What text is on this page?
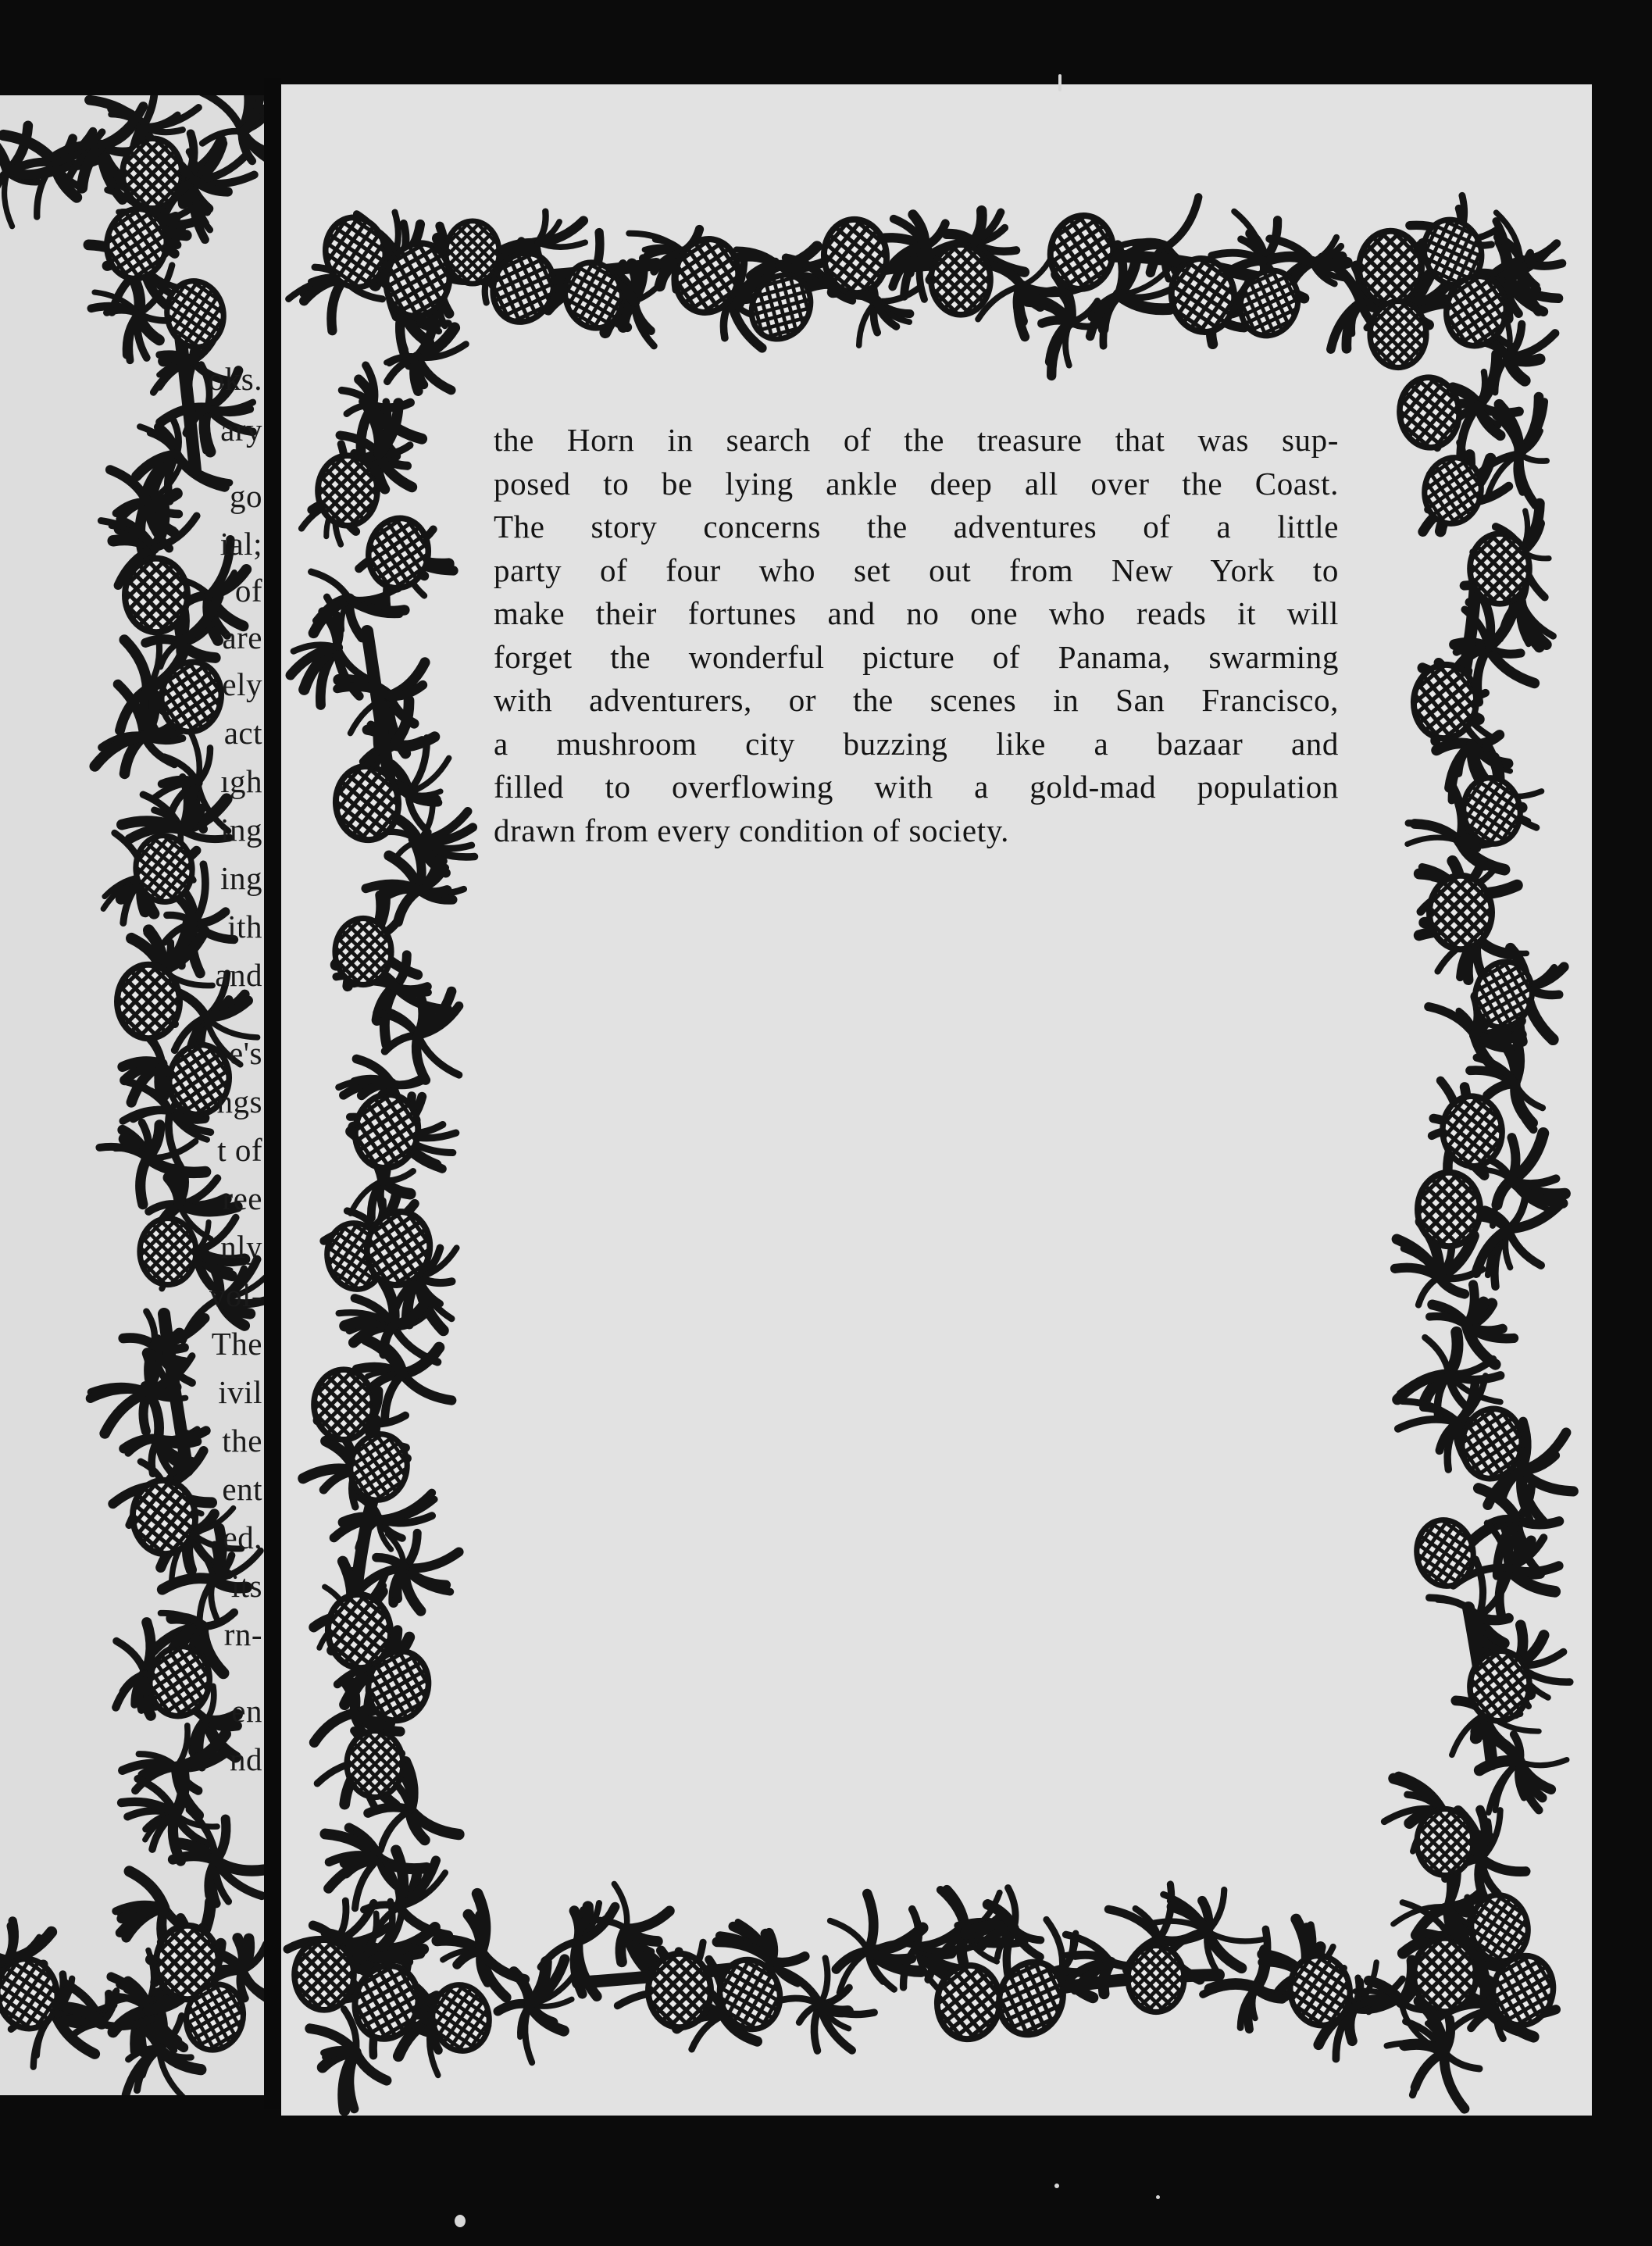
oks.
ary
go
ial;
of
are
ely
act
ıgh
ing
ing
ith
and
e's
ngs
t of
ree
nly
vol-
The
ivil
the
ent
ed,
its
rn-
en
nd
the Horn in search of the treasure that was sup-
posed to be lying ankle deep all over the Coast.
The story concerns the adventures of a little
party of four who set out from New York to
make their fortunes and no one who reads it will
forget the wonderful picture of Panama, swarming
with adventurers, or the scenes in San Francisco,
a mushroom city buzzing like a bazaar and
filled to overflowing with a gold-mad population
drawn from every condition of society.
